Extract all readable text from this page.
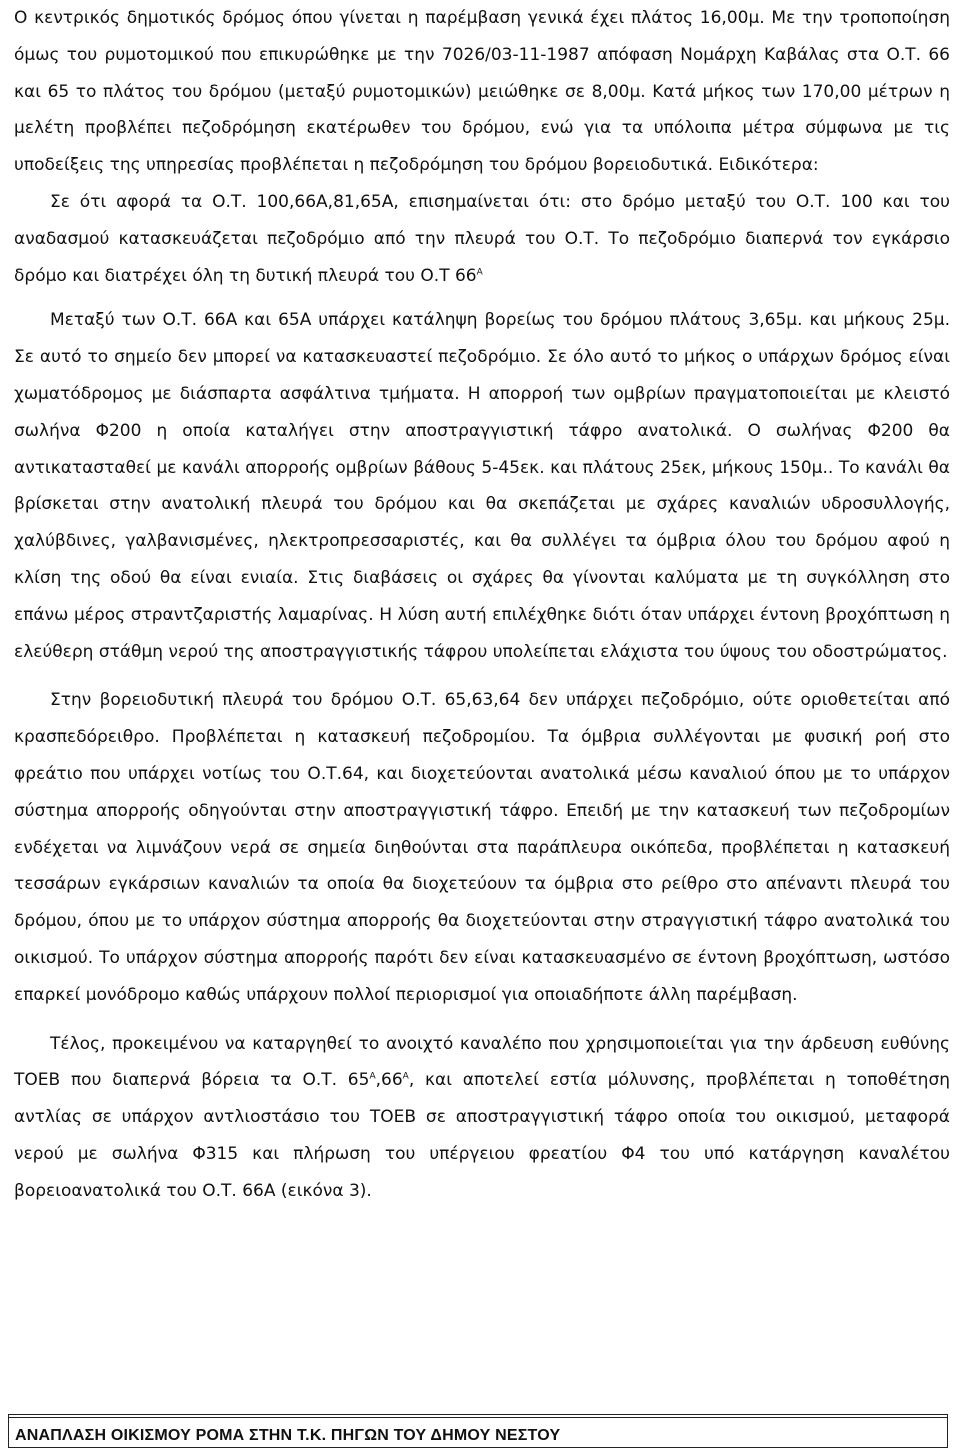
Ο κεντρικός δημοτικός δρόμος όπου γίνεται η παρέμβαση γενικά έχει πλάτος 16,00μ. Με την τροποποίηση όμως του ρυμοτομικού που επικυρώθηκε με την 7026/03-11-1987 απόφαση Νομάρχη Καβάλας στα Ο.Τ. 66 και 65 το πλάτος του δρόμου (μεταξύ ρυμοτομικών) μειώθηκε σε 8,00μ. Κατά μήκος των 170,00 μέτρων η μελέτη προβλέπει πεζοδρόμηση εκατέρωθεν του δρόμου, ενώ για τα υπόλοιπα μέτρα σύμφωνα με τις υποδείξεις της υπηρεσίας προβλέπεται η πεζοδρόμηση του δρόμου βορειοδυτικά. Ειδικότερα:

Σε ότι αφορά τα Ο.Τ. 100,66Α,81,65Α, επισημαίνεται ότι: στο δρόμο μεταξύ του Ο.Τ. 100 και του αναδασμού κατασκευάζεται πεζοδρόμιο από την πλευρά του Ο.Τ. Το πεζοδρόμιο διαπερνά τον εγκάρσιο δρόμο και διατρέχει όλη τη δυτική πλευρά του Ο.Τ $66^A$

Μεταξύ των Ο.Τ. 66Α και 65Α υπάρχει κατάληψη βορείως του δρόμου πλάτους 3,65μ. και μήκους 25μ. Σε αυτό το σημείο δεν μπορεί να κατασκευαστεί πεζοδρόμιο. Σε όλο αυτό το μήκος ο υπάρχων δρόμος είναι χωματόδρομος με διάσπαρτα ασφάλτινα τμήματα. Η απορροή των ομβρίων πραγματοποιείται με κλειστό σωλήνα Φ200 η οποία καταλήγει στην αποστραγγιστική τάφρο ανατολικά. Ο σωλήνας Φ200 θα αντικατασταθεί με κανάλι απορροής ομβρίων βάθους 5-45εκ. και πλάτους 25εκ, μήκους 150μ.. Το κανάλι θα βρίσκεται στην ανατολική πλευρά του δρόμου και θα σκεπάζεται με σχάρες καναλιών υδροσυλλογής, χαλύβδινες, γαλβανισμένες, ηλεκτροπρεσσαριστές, και θα συλλέγει τα όμβρια όλου του δρόμου αφού η κλίση της οδού θα είναι ενιαία. Στις διαβάσεις οι σχάρες θα γίνονται καλύματα με τη συγκόλληση στο επάνω μέρος στραντζαριστής λαμαρίνας. Η λύση αυτή επιλέχθηκε διότι όταν υπάρχει έντονη βροχόπτωση η ελεύθερη στάθμη νερού της αποστραγγιστικής τάφρου υπολείπεται ελάχιστα του ύψους του οδοστρώματος.

Στην βορειοδυτική πλευρά του δρόμου Ο.Τ. 65,63,64 δεν υπάρχει πεζοδρόμιο, ούτε οριοθετείται από κρασπεδόρειθρο. Προβλέπεται η κατασκευή πεζοδρομίου. Τα όμβρια συλλέγονται με φυσική ροή στο φρεάτιο που υπάρχει νοτίως του Ο.Τ.64, και διοχετεύονται ανατολικά μέσω καναλιού όπου με το υπάρχον σύστημα απορροής οδηγούνται στην αποστραγγιστική τάφρο. Επειδή με την κατασκευή των πεζοδρομίων ενδέχεται να λιμνάζουν νερά σε σημεία διηθούνται στα παράπλευρα οικόπεδα, προβλέπεται η κατασκευή τεσσάρων εγκάρσιων καναλιών τα οποία θα διοχετεύουν τα όμβρια στο ρείθρο στο απέναντι πλευρά του δρόμου, όπου με το υπάρχον σύστημα απορροής θα διοχετεύονται στην στραγγιστική τάφρο ανατολικά του οικισμού. Το υπάρχον σύστημα απορροής παρότι δεν είναι κατασκευασμένο σε έντονη βροχόπτωση, ωστόσο επαρκεί μονόδρομο καθώς υπάρχουν πολλοί περιορισμοί για οποιαδήποτε άλλη παρέμβαση.

Τέλος, προκειμένου να καταργηθεί το ανοιχτό καναλέπο που χρησιμοποιείται για την άρδευση ευθύνης ΤΟΕΒ που διαπερνά βόρεια τα Ο.Τ. $65^A,66^A$, και αποτελεί εστία μόλυνσης, προβλέπεται η τοποθέτηση αντλίας σε υπάρχον αντλιοστάσιο του ΤΟΕΒ σε αποστραγγιστική τάφρο οποία του οικισμού, μεταφορά νερού με σωλήνα Φ315 και πλήρωση του υπέργειου φρεατίου Φ4 του υπό κατάργηση καναλέτου βορειοανατολικά του Ο.Τ. 66Α (εικόνα 3).

ΑΝΑΠΛΑΣΗ ΟΙΚΙΣΜΟΥ ΡΟΜΑ ΣΤΗΝ Τ.Κ. ΠΗΓΩΝ ΤΟΥ ΔΗΜΟΥ ΝΕΣΤΟΥ
